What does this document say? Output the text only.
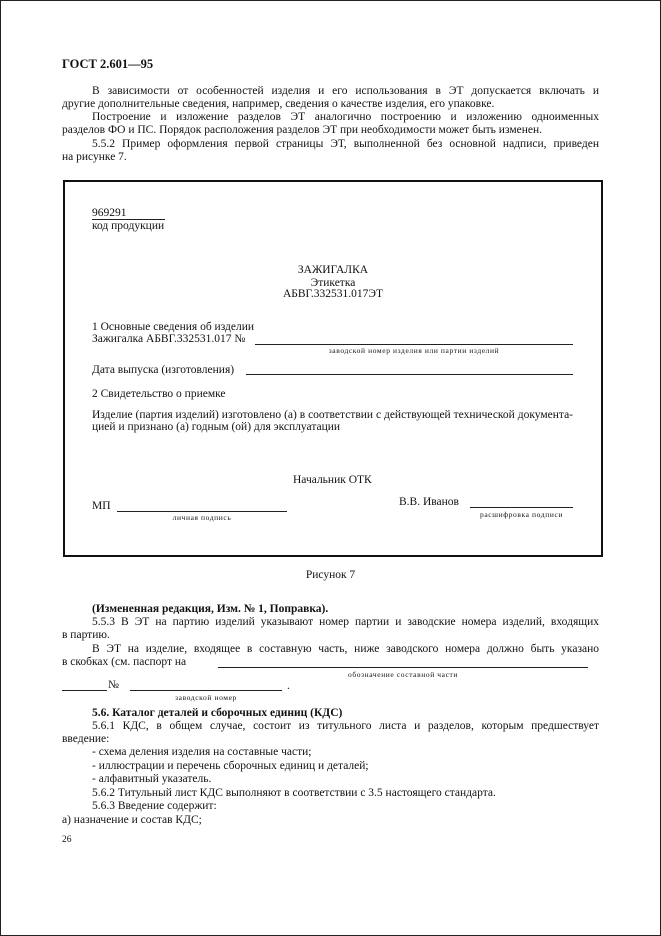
ГОСТ 2.601—95
В зависимости от особенностей изделия и его использования в ЭТ допускается включать и
другие дополнительные сведения, например, сведения о качестве изделия, его упаковке.
Построение и изложение разделов ЭТ аналогично построению и изложению одноименных
разделов ФО и ПС. Порядок расположения разделов ЭТ при необходимости может быть изменен.
5.5.2 Пример оформления первой страницы ЭТ, выполненной без основной надписи, приведен
на рисунке 7.
969291
код продукции
ЗАЖИГАЛКА
Этикетка
АБВГ.332531.017ЭТ
1 Основные сведения об изделии
Зажигалка АБВГ.332531.017 №
заводской номер изделия или партии изделий
Дата выпуска (изготовления)
2 Свидетельство о приемке
Изделие (партия изделий) изготовлено (а) в соответствии с действующей технической документа-
цией и признано (а) годным (ой) для эксплуатации
Начальник ОТК
МП
личная подпись
В.В. Иванов
расшифровка подписи
Рисунок 7
(Измененная редакция, Изм. № 1, Поправка).
5.5.3 В ЭТ на партию изделий указывают номер партии и заводские номера изделий, входящих
в партию.
В ЭТ на изделие, входящее в составную часть, ниже заводского номера должно быть указано
в скобках (см. паспорт на
обозначение составной части
№	.
заводской номер
5.6. Каталог деталей и сборочных единиц (КДС)
5.6.1 КДС, в общем случае, состоит из титульного листа и разделов, которым предшествует
введение:
- схема деления изделия на составные части;
- иллюстрации и перечень сборочных единиц и деталей;
- алфавитный указатель.
5.6.2 Титульный лист КДС выполняют в соответствии с 3.5 настоящего стандарта.
5.6.3 Введение содержит:
а) назначение и состав КДС;
26
